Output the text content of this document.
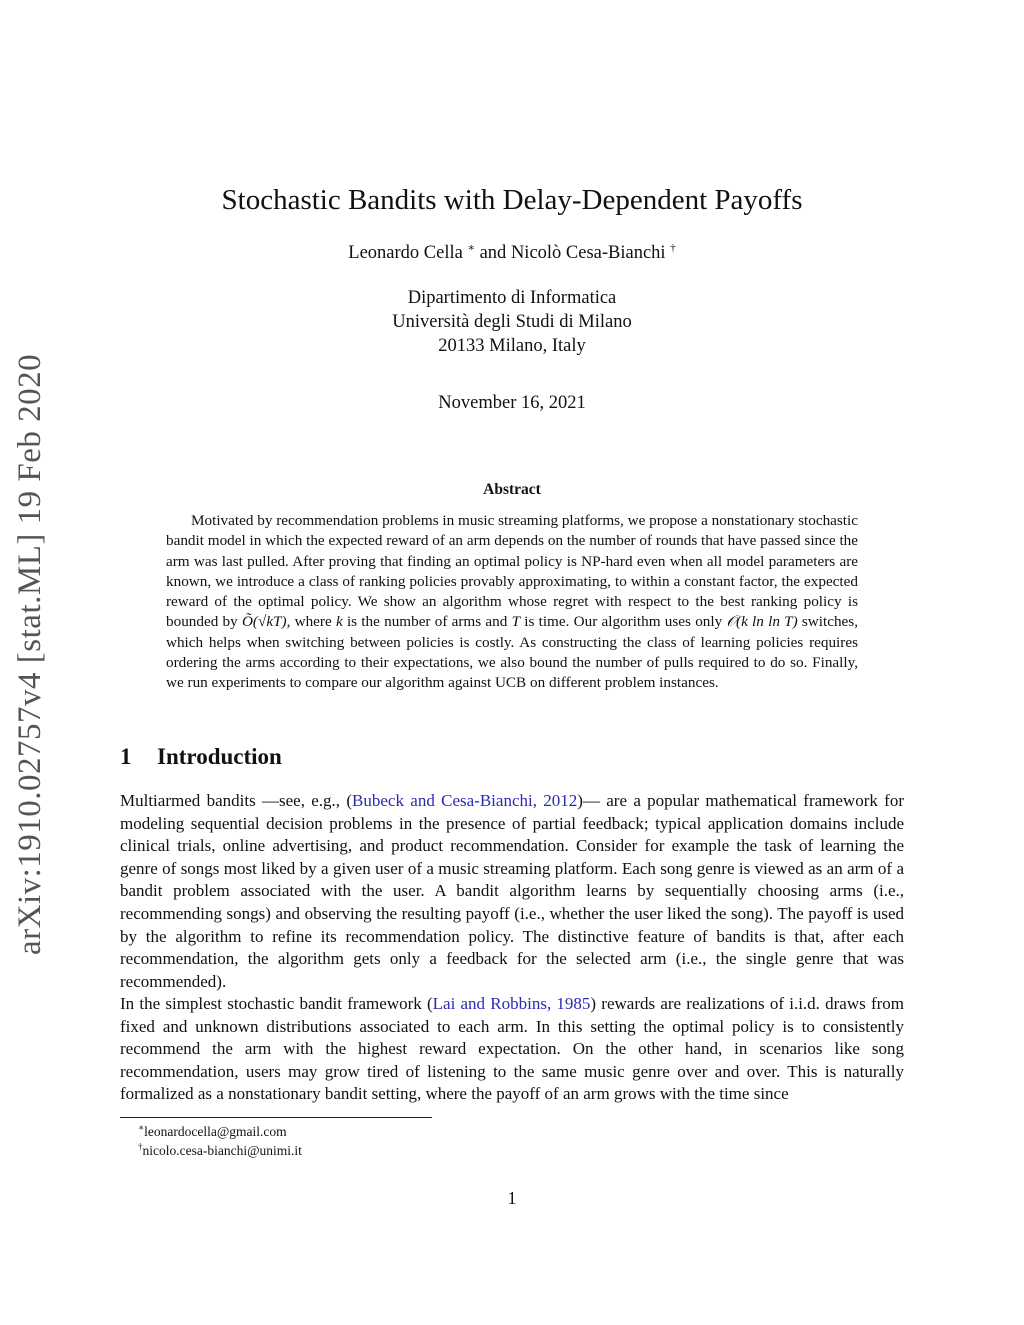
arXiv:1910.02757v4 [stat.ML] 19 Feb 2020
Stochastic Bandits with Delay-Dependent Payoffs
Leonardo Cella ∗ and Nicolò Cesa-Bianchi †
Dipartimento di Informatica
Università degli Studi di Milano
20133 Milano, Italy
November 16, 2021
Abstract
Motivated by recommendation problems in music streaming platforms, we propose a nonstationary stochastic bandit model in which the expected reward of an arm depends on the number of rounds that have passed since the arm was last pulled. After proving that finding an optimal policy is NP-hard even when all model parameters are known, we introduce a class of ranking policies provably approximating, to within a constant factor, the expected reward of the optimal policy. We show an algorithm whose regret with respect to the best ranking policy is bounded by Õ(√kT), where k is the number of arms and T is time. Our algorithm uses only 𝒪(k ln ln T) switches, which helps when switching between policies is costly. As constructing the class of learning policies requires ordering the arms according to their expectations, we also bound the number of pulls required to do so. Finally, we run experiments to compare our algorithm against UCB on different problem instances.
1 Introduction
Multiarmed bandits —see, e.g., (Bubeck and Cesa-Bianchi, 2012)— are a popular mathematical framework for modeling sequential decision problems in the presence of partial feedback; typical application domains include clinical trials, online advertising, and product recommendation. Consider for example the task of learning the genre of songs most liked by a given user of a music streaming platform. Each song genre is viewed as an arm of a bandit problem associated with the user. A bandit algorithm learns by sequentially choosing arms (i.e., recommending songs) and observing the resulting payoff (i.e., whether the user liked the song). The payoff is used by the algorithm to refine its recommendation policy. The distinctive feature of bandits is that, after each recommendation, the algorithm gets only a feedback for the selected arm (i.e., the single genre that was recommended).
In the simplest stochastic bandit framework (Lai and Robbins, 1985) rewards are realizations of i.i.d. draws from fixed and unknown distributions associated to each arm. In this setting the optimal policy is to consistently recommend the arm with the highest reward expectation. On the other hand, in scenarios like song recommendation, users may grow tired of listening to the same music genre over and over. This is naturally formalized as a nonstationary bandit setting, where the payoff of an arm grows with the time since
∗leonardocella@gmail.com
†nicolo.cesa-bianchi@unimi.it
1
